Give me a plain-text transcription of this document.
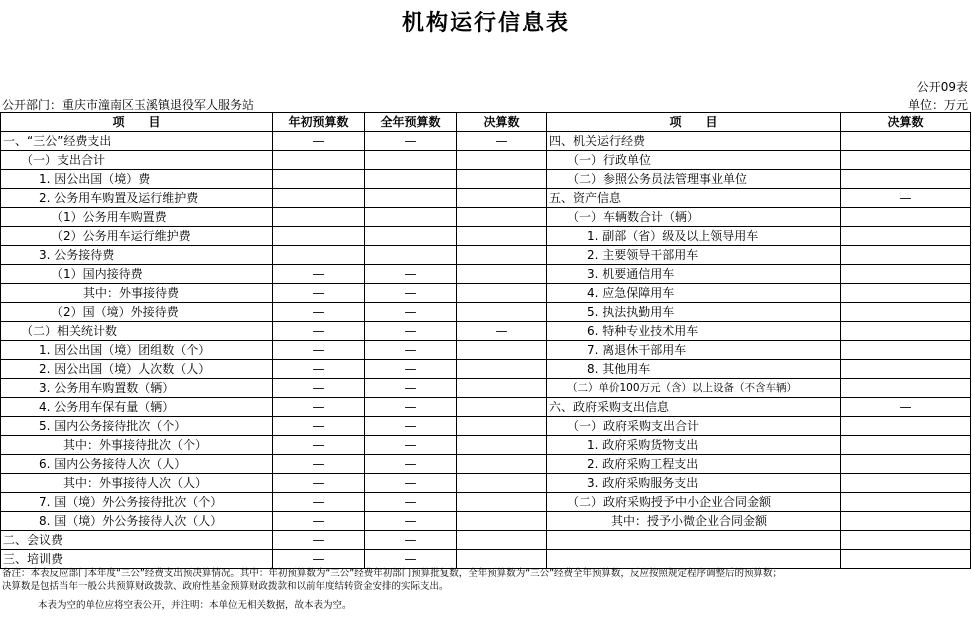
机构运行信息表
公开09表
公开部门：重庆市潼南区玉溪镇退役军人服务站	单位：万元
项　　目	年初预算数	全年预算数	决算数	项　　目	决算数
一、“三公”经费支出	—	—	—	四、机关运行经费	
（一）支出合计				（一）行政单位	
1. 因公出国（境）费				（二）参照公务员法管理事业单位	
2. 公务用车购置及运行维护费				五、资产信息	—
（1）公务用车购置费				（一）车辆数合计（辆）	
（2）公务用车运行维护费				1. 副部（省）级及以上领导用车	
3. 公务接待费				2. 主要领导干部用车	
（1）国内接待费	—	—		3. 机要通信用车	
其中：外事接待费	—	—		4. 应急保障用车	
（2）国（境）外接待费	—	—		5. 执法执勤用车	
（二）相关统计数	—	—	—	6. 特种专业技术用车	
1. 因公出国（境）团组数（个）	—	—		7. 离退休干部用车	
2. 因公出国（境）人次数（人）	—	—		8. 其他用车	
3. 公务用车购置数（辆）	—	—		（二）单价100万元（含）以上设备（不含车辆）	
4. 公务用车保有量（辆）	—	—		六、政府采购支出信息	—
5. 国内公务接待批次（个）	—	—		（一）政府采购支出合计	
其中：外事接待批次（个）	—	—		1. 政府采购货物支出	
6. 国内公务接待人次（人）	—	—		2. 政府采购工程支出	
其中：外事接待人次（人）	—	—		3. 政府采购服务支出	
7. 国（境）外公务接待批次（个）	—	—		（二）政府采购授予中小企业合同金额	
8. 国（境）外公务接待人次（人）	—	—		其中：授予小微企业合同金额	
二、会议费	—	—			
三、培训费	—	—			
备注：本表反应部门本年度“三公”经费支出预决算情况。其中：年初预算数为“三公”经费年初部门预算批复数，全年预算数为“三公”经费全年预算数，反应按照规定程序调整后的预算数；
决算数是包括当年一般公共预算财政拨款、政府性基金预算财政拨款和以前年度结转资金安排的实际支出。
本表为空的单位应将空表公开，并注明：本单位无相关数据，故本表为空。
